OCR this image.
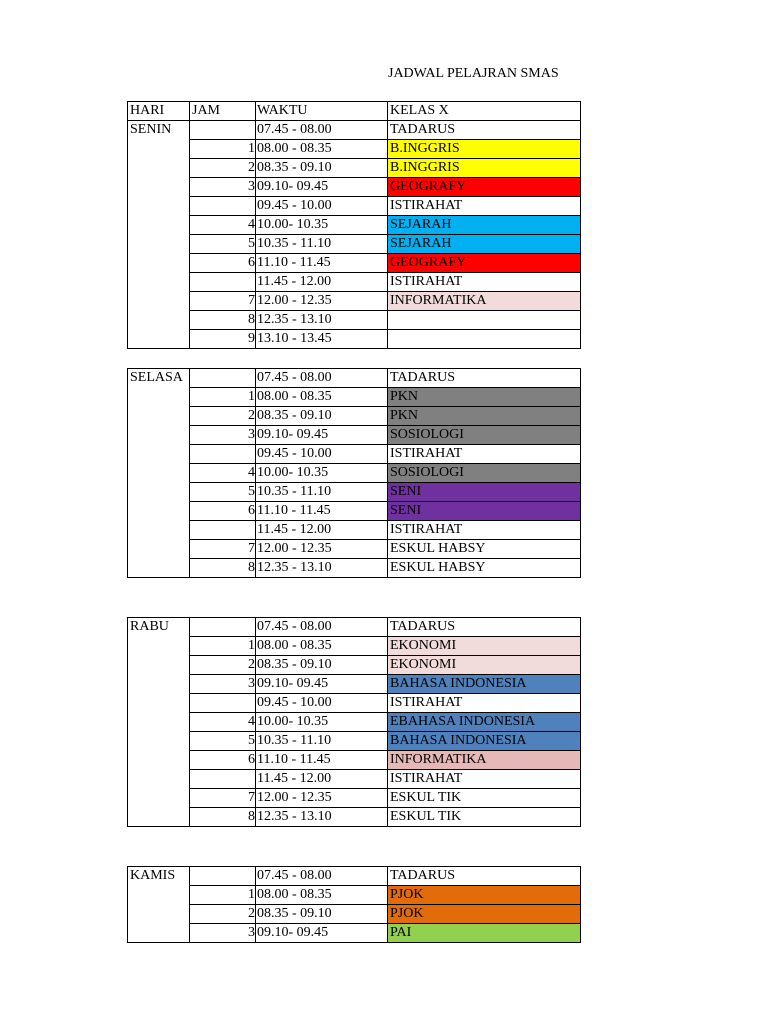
JADWAL PELAJRAN SMAS
HARI	JAM	WAKTU	KELAS X
SENIN		07.45 - 08.00	TADARUS
	1	08.00 - 08.35	B.INGGRIS
	2	08.35 - 09.10	B.INGGRIS
	3	09.10- 09.45	GEOGRAFY
		09.45 - 10.00	ISTIRAHAT
	4	10.00- 10.35	SEJARAH
	5	10.35 - 11.10	SEJARAH
	6	11.10 - 11.45	GEOGRAFY
		11.45 - 12.00	ISTIRAHAT
	7	12.00 - 12.35	INFORMATIKA
	8	12.35 - 13.10	
	9	13.10 - 13.45	
SELASA		07.45 - 08.00	TADARUS
	1	08.00 - 08.35	PKN
	2	08.35 - 09.10	PKN
	3	09.10- 09.45	SOSIOLOGI
		09.45 - 10.00	ISTIRAHAT
	4	10.00- 10.35	SOSIOLOGI
	5	10.35 - 11.10	SENI
	6	11.10 - 11.45	SENI
		11.45 - 12.00	ISTIRAHAT
	7	12.00 - 12.35	ESKUL HABSY
	8	12.35 - 13.10	ESKUL HABSY
RABU		07.45 - 08.00	TADARUS
	1	08.00 - 08.35	EKONOMI
	2	08.35 - 09.10	EKONOMI
	3	09.10- 09.45	BAHASA INDONESIA
		09.45 - 10.00	ISTIRAHAT
	4	10.00- 10.35	EBAHASA INDONESIA
	5	10.35 - 11.10	BAHASA INDONESIA
	6	11.10 - 11.45	INFORMATIKA
		11.45 - 12.00	ISTIRAHAT
	7	12.00 - 12.35	ESKUL TIK
	8	12.35 - 13.10	ESKUL TIK
KAMIS		07.45 - 08.00	TADARUS
	1	08.00 - 08.35	PJOK
	2	08.35 - 09.10	PJOK
	3	09.10- 09.45	PAI
